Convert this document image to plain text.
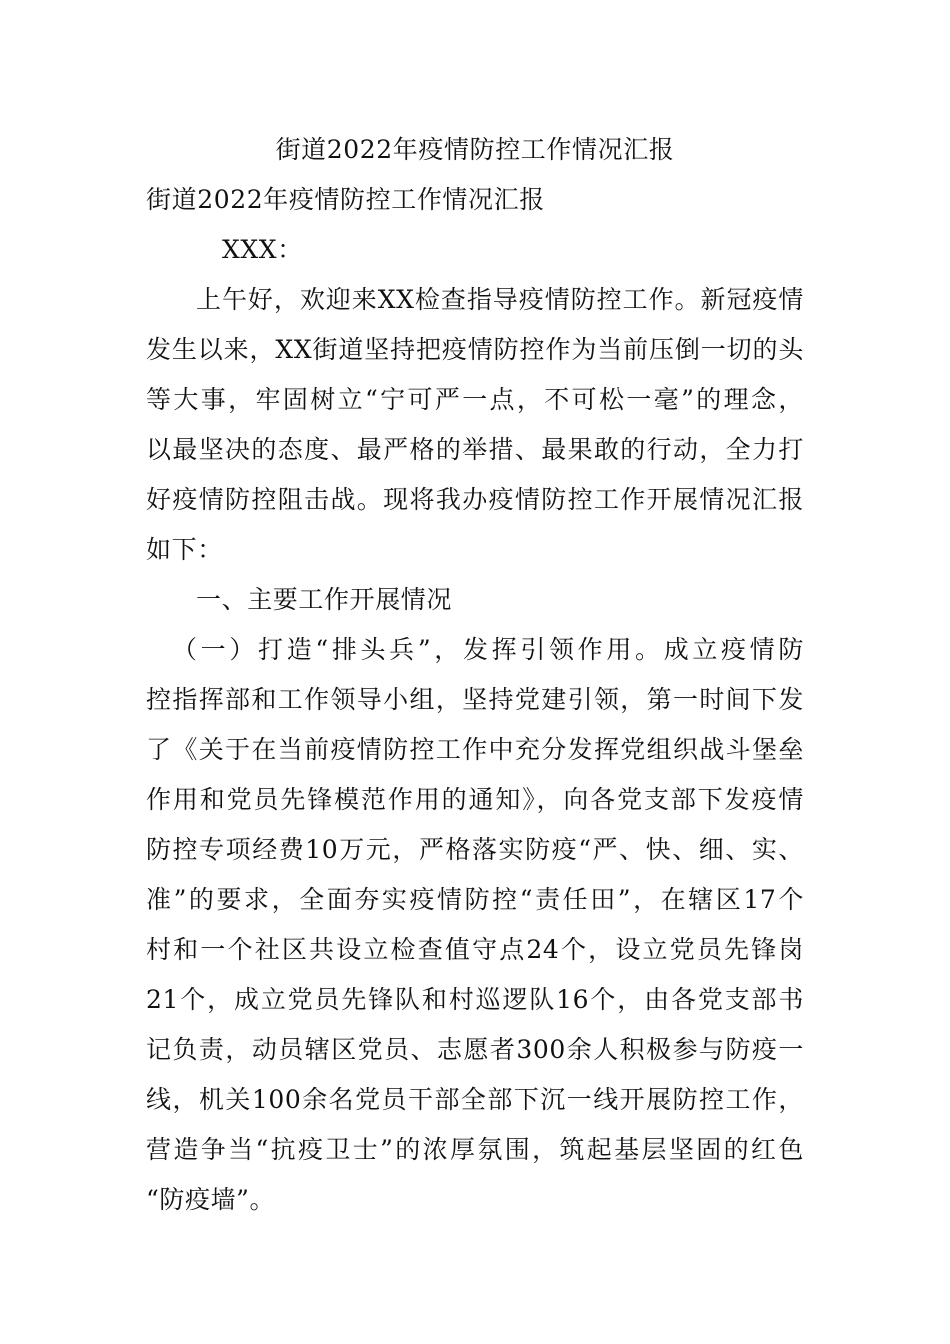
街道2022年疫情防控工作情况汇报
街道2022年疫情防控工作情况汇报
XXX：
上午好，欢迎来XX检查指导疫情防控工作。新冠疫情
发生以来，XX街道坚持把疫情防控作为当前压倒一切的头
等大事，牢固树立“宁可严一点，不可松一毫”的理念，
以最坚决的态度、最严格的举措、最果敢的行动，全力打
好疫情防控阻击战。现将我办疫情防控工作开展情况汇报
如下：
一、主要工作开展情况
（一）打造“排头兵”，发挥引领作用。成立疫情防
控指挥部和工作领导小组，坚持党建引领，第一时间下发
了《关于在当前疫情防控工作中充分发挥党组织战斗堡垒
作用和党员先锋模范作用的通知》，向各党支部下发疫情
防控专项经费10万元，严格落实防疫“严、快、细、实、
准”的要求，全面夯实疫情防控“责任田”，在辖区17个
村和一个社区共设立检查值守点24个，设立党员先锋岗
21个，成立党员先锋队和村巡逻队16个，由各党支部书
记负责，动员辖区党员、志愿者300余人积极参与防疫一
线，机关100余名党员干部全部下沉一线开展防控工作，
营造争当“抗疫卫士”的浓厚氛围，筑起基层坚固的红色
“防疫墙”。
